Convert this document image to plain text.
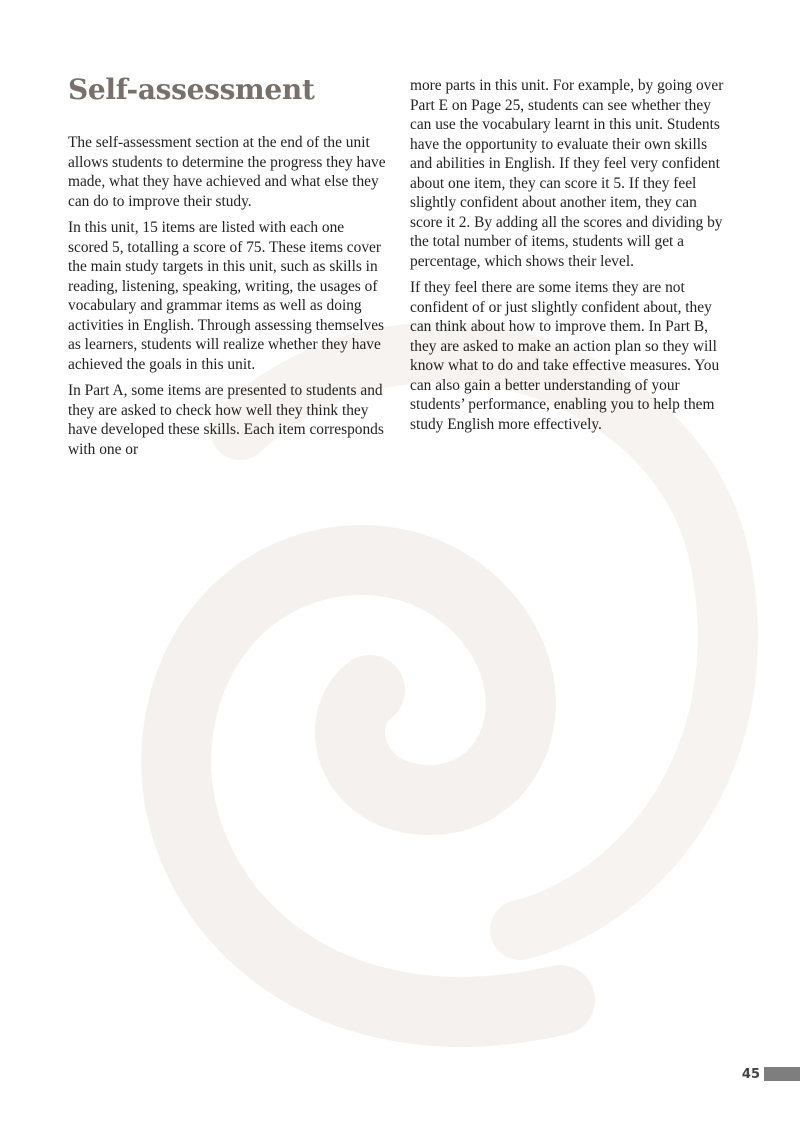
Self-assessment

The self-assessment section at the end of the unit allows students to determine the progress they have made, what they have achieved and what else they can do to improve their study.

In this unit, 15 items are listed with each one scored 5, totalling a score of 75. These items cover the main study targets in this unit, such as skills in reading, listening, speaking, writing, the usages of vocabulary and grammar items as well as doing activities in English. Through assessing themselves as learners, students will realize whether they have achieved the goals in this unit.

In Part A, some items are presented to students and they are asked to check how well they think they have developed these skills. Each item corresponds with one or

more parts in this unit. For example, by going over Part E on Page 25, students can see whether they can use the vocabulary learnt in this unit. Students have the opportunity to evaluate their own skills and abilities in English. If they feel very confident about one item, they can score it 5. If they feel slightly confident about another item, they can score it 2. By adding all the scores and dividing by the total number of items, students will get a percentage, which shows their level.

If they feel there are some items they are not confident of or just slightly confident about, they can think about how to improve them. In Part B, they are asked to make an action plan so they will know what to do and take effective measures. You can also gain a better understanding of your students’ performance, enabling you to help them study English more effectively.

45
